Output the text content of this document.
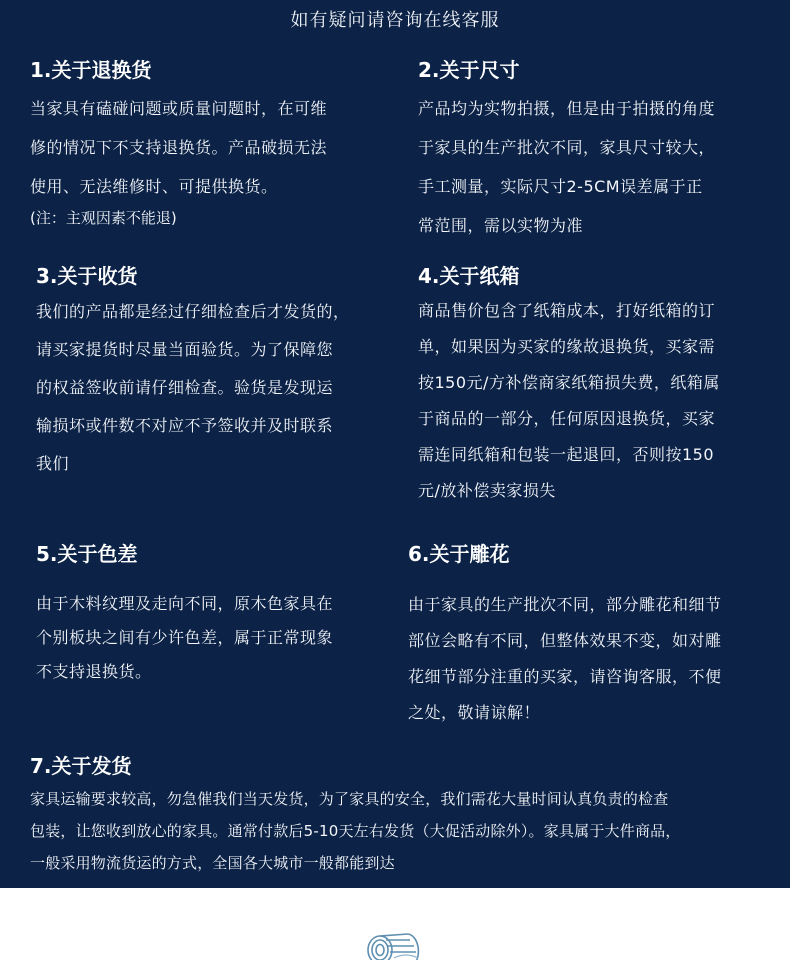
如有疑问请咨询在线客服
1.关于退换货
当家具有磕碰问题或质量问题时，在可维
修的情况下不支持退换货。产品破损无法
使用、无法维修时、可提供换货。
(注：主观因素不能退)
2.关于尺寸
产品均为实物拍摄，但是由于拍摄的角度
于家具的生产批次不同，家具尺寸较大，
手工测量，实际尺寸2-5CM误差属于正
常范围，需以实物为准
3.关于收货
我们的产品都是经过仔细检查后才发货的，
请买家提货时尽量当面验货。为了保障您
的权益签收前请仔细检查。验货是发现运
输损坏或件数不对应不予签收并及时联系
我们
4.关于纸箱
商品售价包含了纸箱成本，打好纸箱的订
单，如果因为买家的缘故退换货，买家需
按150元/方补偿商家纸箱损失费，纸箱属
于商品的一部分，任何原因退换货，买家
需连同纸箱和包装一起退回，否则按150
元/放补偿卖家损失
5.关于色差
由于木料纹理及走向不同，原木色家具在
个别板块之间有少许色差，属于正常现象
不支持退换货。
6.关于雕花
由于家具的生产批次不同，部分雕花和细节
部位会略有不同，但整体效果不变，如对雕
花细节部分注重的买家，请咨询客服，不便
之处，敬请谅解！
7.关于发货
家具运输要求较高，勿急催我们当天发货，为了家具的安全，我们需花大量时间认真负责的检查
包装，让您收到放心的家具。通常付款后5-10天左右发货（大促活动除外）。家具属于大件商品，
一般采用物流货运的方式，全国各大城市一般都能到达
